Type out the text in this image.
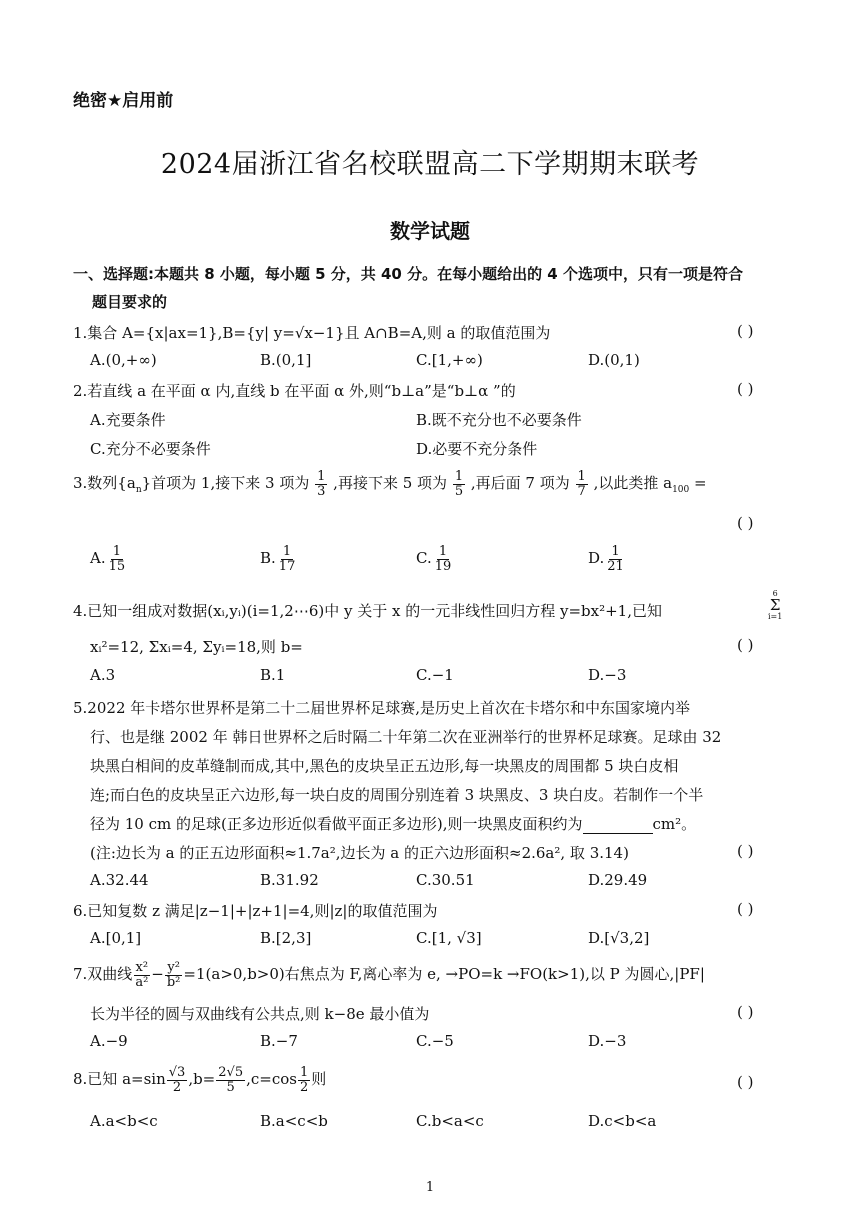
绝密★启用前
2024届浙江省名校联盟高二下学期期末联考
数学试题
一、选择题:本题共 8 小题，每小题 5 分，共 40 分。在每小题给出的 4 个选项中，只有一项是符合
题目要求的
1.集合 A={x|ax=1},B={y| y=√x−1}且 A∩B=A,则 a 的取值范围为	( )
A.(0,+∞)	B.(0,1]	C.[1,+∞)	D.(0,1)
2.若直线 a 在平面 α 内,直线 b 在平面 α 外,则“b⊥a”是“b⊥α ”的	( )
A.充要条件	B.既不充分也不必要条件
C.充分不必要条件	D.必要不充分条件
3.数列$\{a_n\}$首项为 1,接下来 3 项为 $\frac{1}{3}$ ,再接下来 5 项为 $\frac{1}{5}$ ,再后面 7 项为 $\frac{1}{7}$ ,以此类推 $a_{100}$ =
( )
A. $\frac{1}{15}$	B. $\frac{1}{17}$	C. $\frac{1}{19}$	D. $\frac{1}{21}$
4.已知一组成对数据(xᵢ,yᵢ)(i=1,2⋯6)中 y 关于 x 的一元非线性回归方程 y=bx²+1,已知
6
Σ
i=1
xᵢ²=12, Σxᵢ=4, Σyᵢ=18,则 b=	( )
A.3	B.1	C.−1	D.−3
5.2022 年卡塔尔世界杯是第二十二届世界杯足球赛,是历史上首次在卡塔尔和中东国家境内举
行、也是继 2002 年 韩日世界杯之后时隔二十年第二次在亚洲举行的世界杯足球赛。足球由 32
块黑白相间的皮革缝制而成,其中,黑色的皮块呈正五边形,每一块黑皮的周围都 5 块白皮相
连;而白色的皮块呈正六边形,每一块白皮的周围分别连着 3 块黑皮、3 块白皮。若制作一个半
径为 10 cm 的足球(正多边形近似看做平面正多边形),则一块黑皮面积约为	cm²。
(注:边长为 a 的正五边形面积≈1.7a²,边长为 a 的正六边形面积≈2.6a², 取 3.14)	( )
A.32.44	B.31.92	C.30.51	D.29.49
6.已知复数 z 满足|z−1|+|z+1|=4,则|z|的取值范围为	( )
A.[0,1]	B.[2,3]	C.[1, √3]	D.[√3,2]
7.双曲线 $\frac{\text{x²}}{\text{a²}} - \frac{\text{y²}}{\text{b²}} =1(a>0,b>0)$右焦点为 F,离心率为 e, →PO=k →FO(k>1),以 P 为圆心,|PF|
长为半径的圆与双曲线有公共点,则 k−8e 最小值为	( )
A.−9	B.−7	C.−5	D.−3
8.已知 $a=\sin \frac{√3}{2} ,b= \frac{2√5}{5} ,c=\cos \frac{1}{2}$ 则	( )
A.a<b<c	B.a<c<b	C.b<a<c	D.c<b<a
1
